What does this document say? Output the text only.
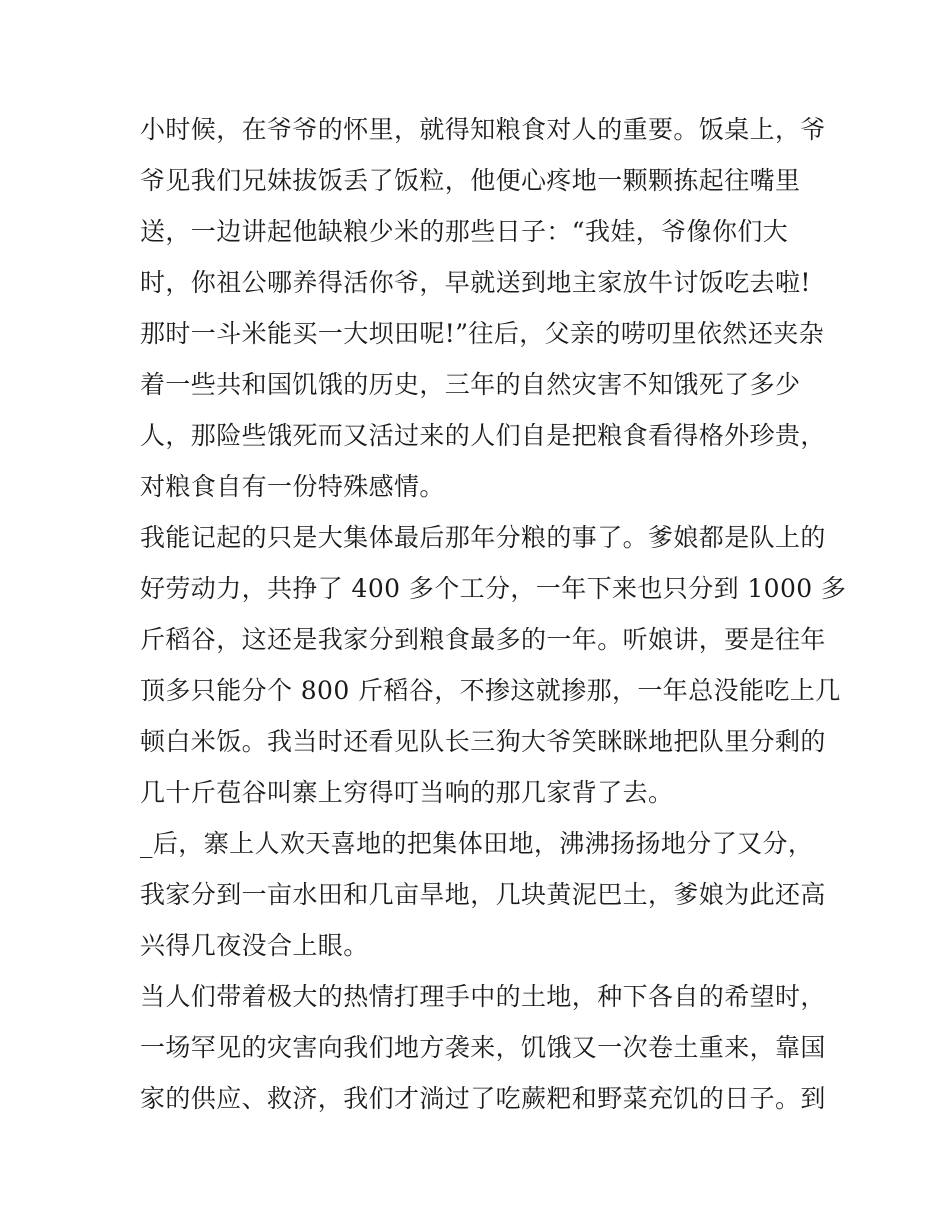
小时候，在爷爷的怀里，就得知粮食对人的重要。饭桌上，爷
爷见我们兄妹拔饭丢了饭粒，他便心疼地一颗颗拣起往嘴里
送，一边讲起他缺粮少米的那些日子：“我娃，爷像你们大
时，你祖公哪养得活你爷，早就送到地主家放牛讨饭吃去啦!
那时一斗米能买一大坝田呢!”往后，父亲的唠叨里依然还夹杂
着一些共和国饥饿的历史，三年的自然灾害不知饿死了多少
人，那险些饿死而又活过来的人们自是把粮食看得格外珍贵，
对粮食自有一份特殊感情。
我能记起的只是大集体最后那年分粮的事了。爹娘都是队上的
好劳动力，共挣了 400 多个工分，一年下来也只分到 1000 多
斤稻谷，这还是我家分到粮食最多的一年。听娘讲，要是往年
顶多只能分个 800 斤稻谷，不掺这就掺那，一年总没能吃上几
顿白米饭。我当时还看见队长三狗大爷笑眯眯地把队里分剩的
几十斤苞谷叫寨上穷得叮当响的那几家背了去。
_后，寨上人欢天喜地的把集体田地，沸沸扬扬地分了又分，
我家分到一亩水田和几亩旱地，几块黄泥巴土，爹娘为此还高
兴得几夜没合上眼。
当人们带着极大的热情打理手中的土地，种下各自的希望时，
一场罕见的灾害向我们地方袭来，饥饿又一次卷土重来，靠国
家的供应、救济，我们才淌过了吃蕨粑和野菜充饥的日子。到
